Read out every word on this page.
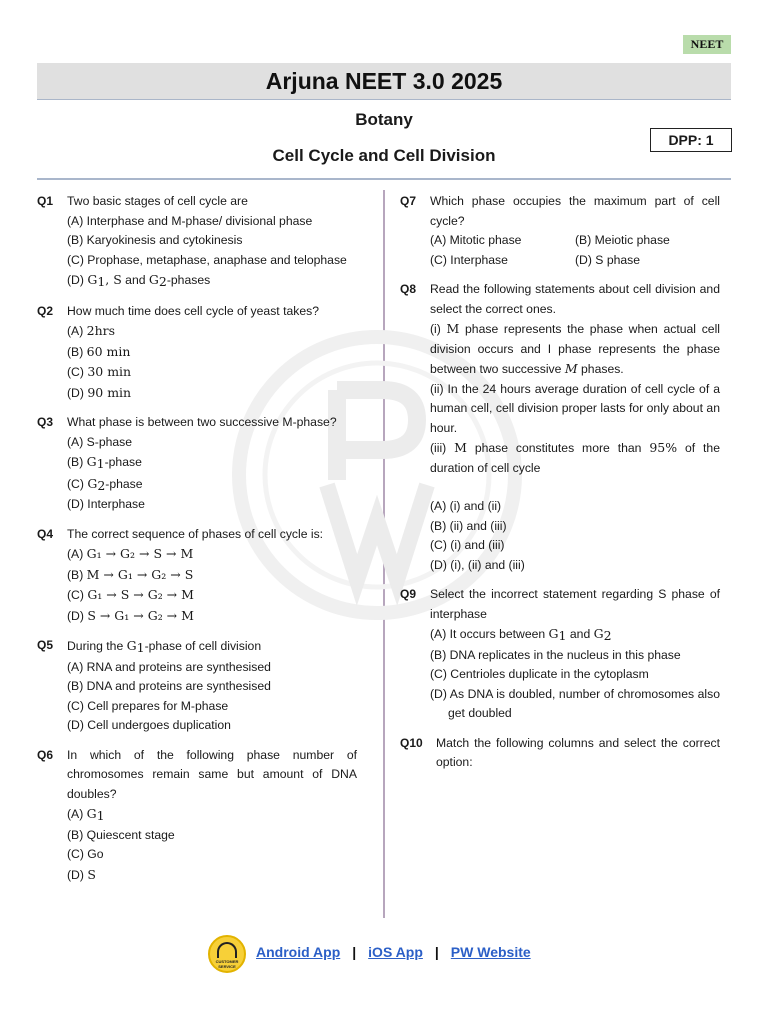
NEET
Arjuna NEET 3.0 2025
Botany
Cell Cycle and Cell Division
DPP: 1
Q1 Two basic stages of cell cycle are
(A) Interphase and M-phase/ divisional phase
(B) Karyokinesis and cytokinesis
(C) Prophase, metaphase, anaphase and telophase
(D) $G_1$, S and $G_2$-phases
Q2 How much time does cell cycle of yeast takes?
(A) 2hrs
(B) 60 min
(C) 30 min
(D) 90 min
Q3 What phase is between two successive M-phase?
(A) S-phase
(B) $G_1$-phase
(C) $G_2$-phase
(D) Interphase
Q4 The correct sequence of phases of cell cycle is:
(A) G₁ → G₂ → S → M
(B) M → G₁ → G₂ → S
(C) G₁ → S → G₂ → M
(D) S → G₁ → G₂ → M
Q5 During the $G_1$-phase of cell division
(A) RNA and proteins are synthesised
(B) DNA and proteins are synthesised
(C) Cell prepares for M-phase
(D) Cell undergoes duplication
Q6 In which of the following phase number of chromosomes remain same but amount of DNA doubles?
(A) $G_1$
(B) Quiescent stage
(C) Go
(D) S
Q7 Which phase occupies the maximum part of cell cycle?
(A) Mitotic phase	(B) Meiotic phase
(C) Interphase	(D) S phase
Q8 Read the following statements about cell division and select the correct ones.
(i) M phase represents the phase when actual cell division occurs and I phase represents the phase between two successive M phases.
(ii) In the 24 hours average duration of cell cycle of a human cell, cell division proper lasts for only about an hour.
(iii) M phase constitutes more than 95% of the duration of cell cycle
(A) (i) and (ii)
(B) (ii) and (iii)
(C) (i) and (iii)
(D) (i), (ii) and (iii)
Q9 Select the incorrect statement regarding S phase of interphase
(A) It occurs between $G_1$ and $G_2$
(B) DNA replicates in the nucleus in this phase
(C) Centrioles duplicate in the cytoplasm
(D) As DNA is doubled, number of chromosomes also get doubled
Q10 Match the following columns and select the correct option:
CUSTOMER SERVICE
Android App | iOS App | PW Website
